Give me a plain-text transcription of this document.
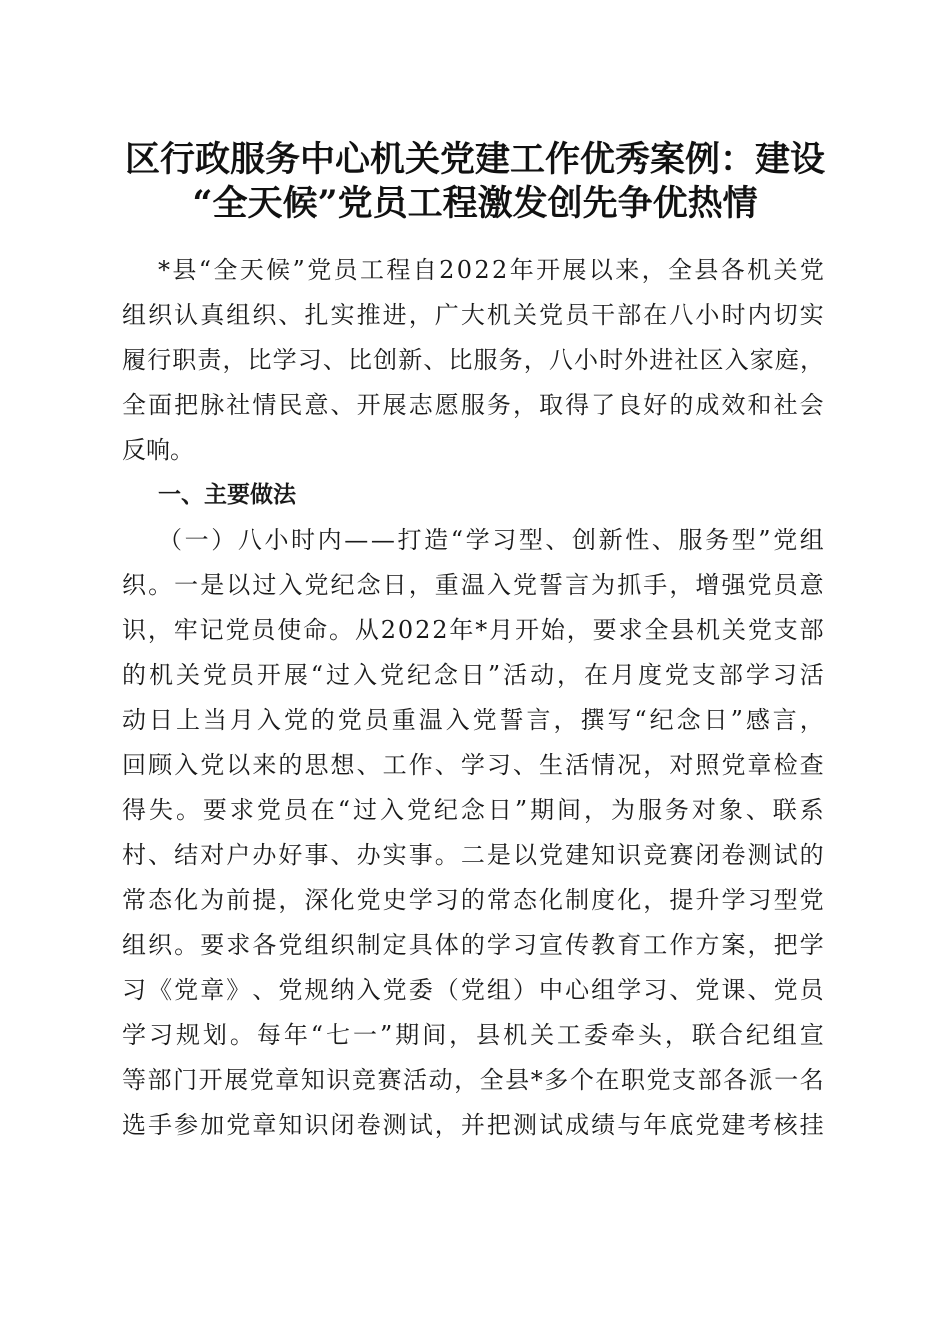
区行政服务中心机关党建工作优秀案例：建设
“全天候”党员工程激发创先争优热情
* 县 “ 全 天 候 ” 党 员 工 程 自 2 0 2 2 年 开 展 以 来 ， 全 县 各 机 关 党
组 织 认 真 组 织 、 扎 实 推 进 ， 广 大 机 关 党 员 干 部 在 八 小 时 内 切 实
履 行 职 责 ， 比 学 习 、 比 创 新 、 比 服 务 ， 八 小 时 外 进 社 区 入 家 庭 ，
全 面 把 脉 社 情 民 意 、 开 展 志 愿 服 务 ， 取 得 了 良 好 的 成 效 和 社 会
反响。
一、主要做法
（ 一 ） 八 小 时 内 — — 打 造 “ 学 习 型 、 创 新 性 、 服 务 型 ” 党 组
织 。 一 是 以 过 入 党 纪 念 日 ， 重 温 入 党 誓 言 为 抓 手 ， 增 强 党 员 意
识 ， 牢 记 党 员 使 命 。 从 2 0 2 2 年 * 月 开 始 ， 要 求 全 县 机 关 党 支 部
的 机 关 党 员 开 展 “ 过 入 党 纪 念 日 ” 活 动 ， 在 月 度 党 支 部 学 习 活
动 日 上 当 月 入 党 的 党 员 重 温 入 党 誓 言 ， 撰 写 “ 纪 念 日 ” 感 言 ，
回 顾 入 党 以 来 的 思 想 、 工 作 、 学 习 、 生 活 情 况 ， 对 照 党 章 检 查
得 失 。 要 求 党 员 在 “ 过 入 党 纪 念 日 ” 期 间 ， 为 服 务 对 象 、 联 系
村 、 结 对 户 办 好 事 、 办 实 事 。 二 是 以 党 建 知 识 竞 赛 闭 卷 测 试 的
常 态 化 为 前 提 ， 深 化 党 史 学 习 的 常 态 化 制 度 化 ， 提 升 学 习 型 党
组 织 。 要 求 各 党 组 织 制 定 具 体 的 学 习 宣 传 教 育 工 作 方 案 ， 把 学
习 《 党 章 》 、 党 规 纳 入 党 委 （ 党 组 ） 中 心 组 学 习 、 党 课 、 党 员
学 习 规 划 。 每 年 “ 七 一 ” 期 间 ， 县 机 关 工 委 牵 头 ， 联 合 纪 组 宣
等 部 门 开 展 党 章 知 识 竞 赛 活 动 ， 全 县 * 多 个 在 职 党 支 部 各 派 一 名
选 手 参 加 党 章 知 识 闭 卷 测 试 ， 并 把 测 试 成 绩 与 年 底 党 建 考 核 挂
